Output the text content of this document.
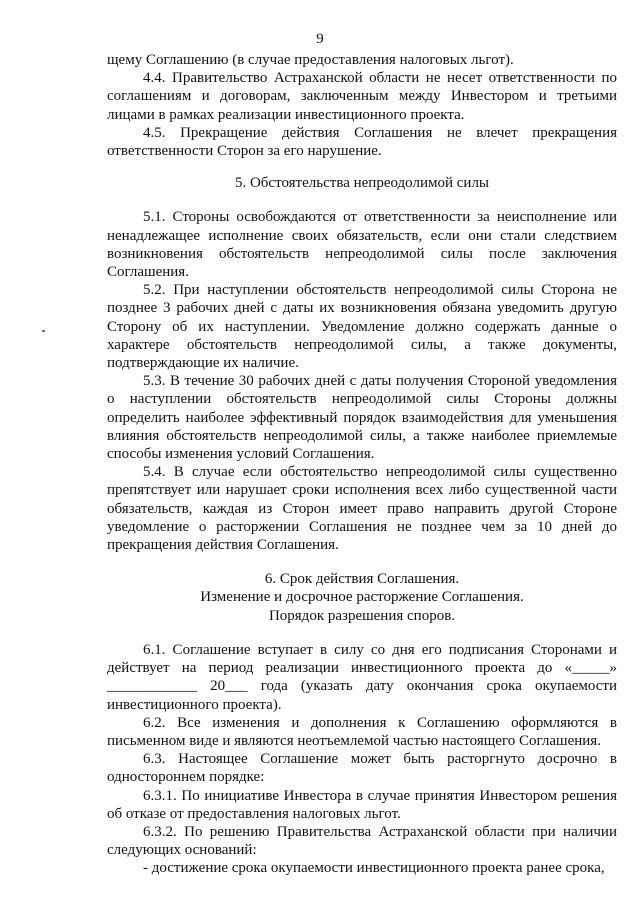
9

щему Соглашению (в случае предоставления налоговых льгот).

4.4. Правительство Астраханской области не несет ответственности по соглашениям и договорам, заключенным между Инвестором и третьими лицами в рамках реализации инвестиционного проекта.

4.5. Прекращение действия Соглашения не влечет прекращения ответственности Сторон за его нарушение.

5. Обстоятельства непреодолимой силы

5.1. Стороны освобождаются от ответственности за неисполнение или ненадлежащее исполнение своих обязательств, если они стали следствием возникновения обстоятельств непреодолимой силы после заключения Соглашения.

5.2. При наступлении обстоятельств непреодолимой силы Сторона не позднее 3 рабочих дней с даты их возникновения обязана уведомить другую Сторону об их наступлении. Уведомление должно содержать данные о характере обстоятельств непреодолимой силы, а также документы, подтверждающие их наличие.

5.3. В течение 30 рабочих дней с даты получения Стороной уведомления о наступлении обстоятельств непреодолимой силы Стороны должны определить наиболее эффективный порядок взаимодействия для уменьшения влияния обстоятельств непреодолимой силы, а также наиболее приемлемые способы изменения условий Соглашения.

5.4. В случае если обстоятельство непреодолимой силы существенно препятствует или нарушает сроки исполнения всех либо существенной части обязательств, каждая из Сторон имеет право направить другой Стороне уведомление о расторжении Соглашения не позднее чем за 10 дней до прекращения действия Соглашения.

6. Срок действия Соглашения.

Изменение и досрочное расторжение Соглашения.

Порядок разрешения споров.

6.1. Соглашение вступает в силу со дня его подписания Сторонами и действует на период реализации инвестиционного проекта до «_____» ____________ 20___ года (указать дату окончания срока окупаемости инвестиционного проекта).

6.2. Все изменения и дополнения к Соглашению оформляются в письменном виде и являются неотъемлемой частью настоящего Соглашения.

6.3. Настоящее Соглашение может быть расторгнуто досрочно в одностороннем порядке:

6.3.1. По инициативе Инвестора в случае принятия Инвестором решения об отказе от предоставления налоговых льгот.

6.3.2. По решению Правительства Астраханской области при наличии следующих оснований:

- достижение срока окупаемости инвестиционного проекта ранее срока,
